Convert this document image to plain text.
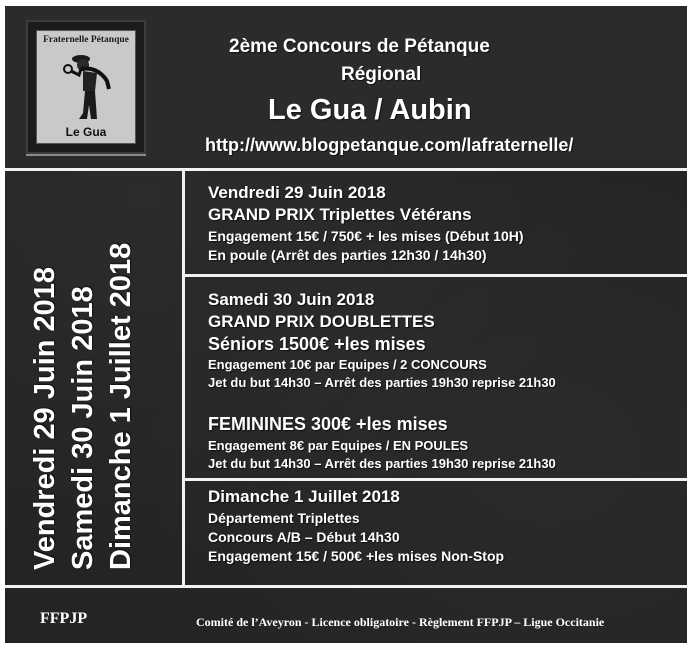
Fraternelle Pétanque
Le Gua
2ème Concours de Pétanque
Régional
Le Gua / Aubin
http://www.blogpetanque.com/lafraternelle/
Vendredi 29 Juin 2018 Samedi 30 Juin 2018 Dimanche 1 Juillet 2018
Vendredi 29 Juin 2018
GRAND PRIX Triplettes Vétérans
Engagement 15€ / 750€ + les mises (Début 10H)
En poule (Arrêt des parties 12h30 / 14h30)
Samedi 30 Juin 2018
GRAND PRIX DOUBLETTES
Séniors 1500€ +les mises
Engagement 10€ par Equipes / 2 CONCOURS
Jet du but 14h30 – Arrêt des parties 19h30 reprise 21h30
FEMININES 300€ +les mises
Engagement 8€ par Equipes / EN POULES
Jet du but 14h30 – Arrêt des parties 19h30 reprise 21h30
Dimanche 1 Juillet 2018
Département Triplettes
Concours A/B – Début 14h30
Engagement 15€ / 500€ +les mises Non-Stop
FFPJP	Comité de l’Aveyron - Licence obligatoire - Règlement FFPJP – Ligue Occitanie
